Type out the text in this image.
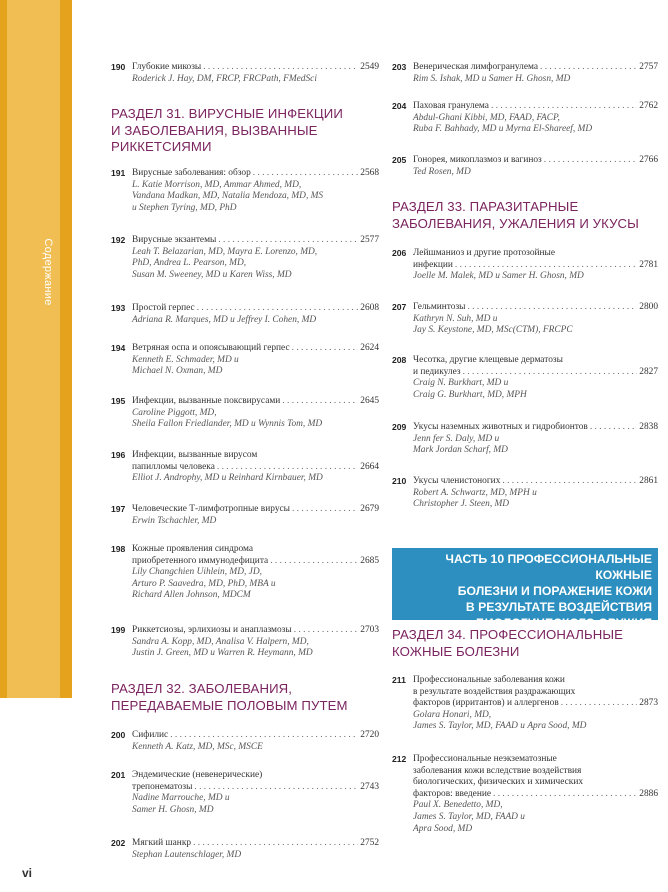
Содержание
vi
190 Глубокие микозы . . .	2549
Roderick J. Hay, DM, FRCP, FRCPath, FMedSci
РАЗДЕЛ 31. ВИРУСНЫЕ ИНФЕКЦИИ
И ЗАБОЛЕВАНИЯ, ВЫЗВАННЫЕ
РИККЕТСИЯМИ
191 Вирусные заболевания: обзор . . .	2568
L. Katie Morrison, MD, Ammar Ahmed, MD,
Vandana Madkan, MD, Natalia Mendoza, MD, MS
и Stephen Tyring, MD, PhD
192 Вирусные экзантемы . . .	2577
Leah T. Belazarian, MD, Mayra E. Lorenzo, MD,
PhD, Andrea L. Pearson, MD,
Susan M. Sweeney, MD и Karen Wiss, MD
193 Простой герпес . . .	2608
Adriana R. Marques, MD и Jeffrey I. Cohen, MD
194 Ветряная оспа и опоясывающий герпес . . .	2624
Kenneth E. Schmader, MD и
Michael N. Oxman, MD
195 Инфекции, вызванные поксвирусами . . .	2645
Caroline Piggott, MD,
Sheila Fallon Friedlander, MD и Wynnis Tom, MD
196 Инфекции, вызванные вирусом
папилломы человека . . .	2664
Elliot J. Androphy, MD и Reinhard Kirnbauer, MD
197 Человеческие Т-лимфотропные вирусы . . .	2679
Erwin Tschachler, MD
198 Кожные проявления синдрома
приобретенного иммунодефицита . . .	2685
Lily Changchien Uihlein, MD, JD,
Arturo P. Saavedra, MD, PhD, MBA и
Richard Allen Johnson, MDCM
199 Риккетсиозы, эрлихиозы и анаплазмозы . . .	2703
Sandra A. Kopp, MD, Analisa V. Halpern, MD,
Justin J. Green, MD и Warren R. Heymann, MD
РАЗДЕЛ 32. ЗАБОЛЕВАНИЯ,
ПЕРЕДАВАЕМЫЕ ПОЛОВЫМ ПУТЕМ
200 Сифилис . . .	2720
Kenneth A. Katz, MD, MSc, MSCE
201 Эндемические (невенерические)
трепонематозы . . .	2743
Nadine Marrouche, MD и
Samer H. Ghosn, MD
202 Мягкий шанкр . . .	2752
Stephan Lautenschlager, MD
203 Венерическая лимфогранулема . . .	2757
Rim S. Ishak, MD и Samer H. Ghosn, MD
204 Паховая гранулема . . .	2762
Abdul-Ghani Kibbi, MD, FAAD, FACP,
Ruba F. Bahhady, MD и Myrna El-Shareef, MD
205 Гонорея, микоплазмоз и вагиноз . . .	2766
Ted Rosen, MD
РАЗДЕЛ 33. ПАРАЗИТАРНЫЕ
ЗАБОЛЕВАНИЯ, УЖАЛЕНИЯ И УКУСЫ
206 Лейшманиоз и другие протозойные
инфекции . . .	2781
Joelle M. Malek, MD и Samer H. Ghosn, MD
207 Гельминтозы . . .	2800
Kathryn N. Suh, MD и
Jay S. Keystone, MD, MSc(CTM), FRCPC
208 Чесотка, другие клещевые дерматозы
и педикулез . . .	2827
Craig N. Burkhart, MD и
Craig G. Burkhart, MD, MPH
209 Укусы наземных животных и гидробионтов . . .	2838
Jenn fer S. Daly, MD и
Mark Jordan Scharf, MD
210 Укусы членистоногих . . .	2861
Robert A. Schwartz, MD, MPH и
Christopher J. Steen, MD
РАЗДЕЛ 34. ПРОФЕССИОНАЛЬНЫЕ
КОЖНЫЕ БОЛЕЗНИ
211 Профессиональные заболевания кожи
в результате воздействия раздражающих
факторов (ирритантов) и аллергенов . . .	2873
Golara Honari, MD,
James S. Taylor, MD, FAAD и Apra Sood, MD
212 Профессиональные неэкзематозные
заболевания кожи вследствие воздействия
биологических, физических и химических
факторов: введение . . .	2886
Paul X. Benedetto, MD,
James S. Taylor, MD, FAAD и
Apra Sood, MD
ЧАСТЬ 10 ПРОФЕССИОНАЛЬНЫЕ КОЖНЫЕ
БОЛЕЗНИ И ПОРАЖЕНИЕ КОЖИ
В РЕЗУЛЬТАТЕ ВОЗДЕЙСТВИЯ
БИОЛОГИЧЕСКОГО ОРУЖИЯ
